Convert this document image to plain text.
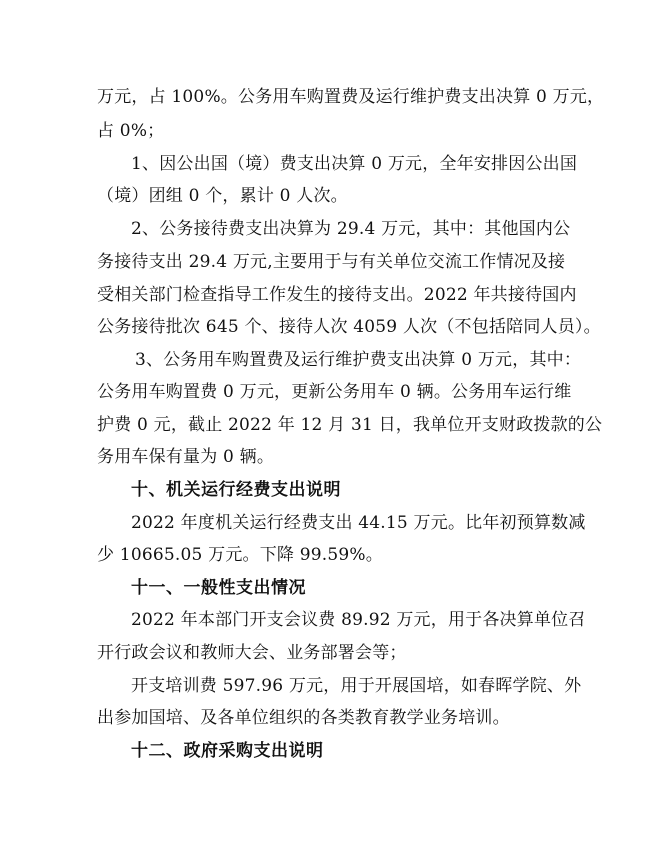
万元，占 100%。公务用车购置费及运行维护费支出决算 0 万元，
占 0%；
1、因公出国（境）费支出决算 0 万元，全年安排因公出国
（境）团组 0 个，累计 0 人次。
2、公务接待费支出决算为 29.4 万元，其中：其他国内公
务接待支出 29.4 万元,主要用于与有关单位交流工作情况及接
受相关部门检查指导工作发生的接待支出。2022 年共接待国内
公务接待批次 645 个、接待人次 4059 人次（不包括陪同人员）。
3、公务用车购置费及运行维护费支出决算 0 万元，其中：
公务用车购置费 0 万元，更新公务用车 0 辆。公务用车运行维
护费 0 元，截止 2022 年 12 月 31 日，我单位开支财政拨款的公
务用车保有量为 0 辆。
十、机关运行经费支出说明
2022 年度机关运行经费支出 44.15 万元。比年初预算数减
少 10665.05 万元。下降 99.59%。
十一、一般性支出情况
2022 年本部门开支会议费 89.92 万元，用于各决算单位召
开行政会议和教师大会、业务部署会等；
开支培训费 597.96 万元，用于开展国培，如春晖学院、外
出参加国培、及各单位组织的各类教育教学业务培训。
十二、政府采购支出说明
